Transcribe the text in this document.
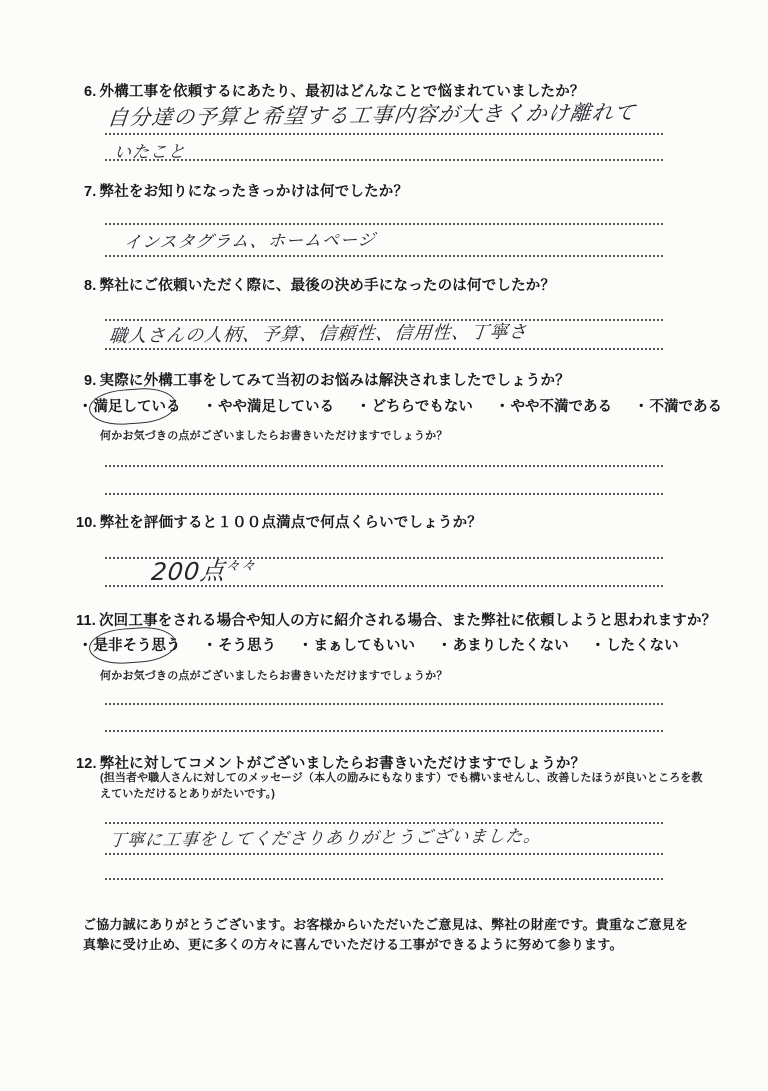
6. 外構工事を依頼するにあたり、最初はどんなことで悩まれていましたか？
自分達の予算と希望する工事内容が大きくかけ離れて
いたこと
7. 弊社をお知りになったきっかけは何でしたか？
インスタグラム、ホームページ
8. 弊社にご依頼いただく際に、最後の決め手になったのは何でしたか？
職人さんの人柄、予算、信頼性、信用性、丁寧さ
9. 実際に外構工事をしてみて当初のお悩みは解決されましたでしょうか？
・満足している ・やや満足している ・どちらでもない ・やや不満である ・不満である
何かお気づきの点がございましたらお書きいただけますでしょうか？
10. 弊社を評価すると１００点満点で何点くらいでしょうか？
200点$^{々々}$
11. 次回工事をされる場合や知人の方に紹介される場合、また弊社に依頼しようと思われますか？
・是非そう思う ・そう思う ・まぁしてもいい ・あまりしたくない ・したくない
何かお気づきの点がございましたらお書きいただけますでしょうか？
12. 弊社に対してコメントがございましたらお書きいただけますでしょうか？
(担当者や職人さんに対してのメッセージ（本人の励みにもなります）でも構いませんし、改善したほうが良いところを教えていただけるとありがたいです。)
丁寧に工事をしてくださりありがとうございました。
ご協力誠にありがとうございます。お客様からいただいたご意見は、弊社の財産です。貴重なご意見を真摯に受け止め、更に多くの方々に喜んでいただける工事ができるように努めて参ります。
